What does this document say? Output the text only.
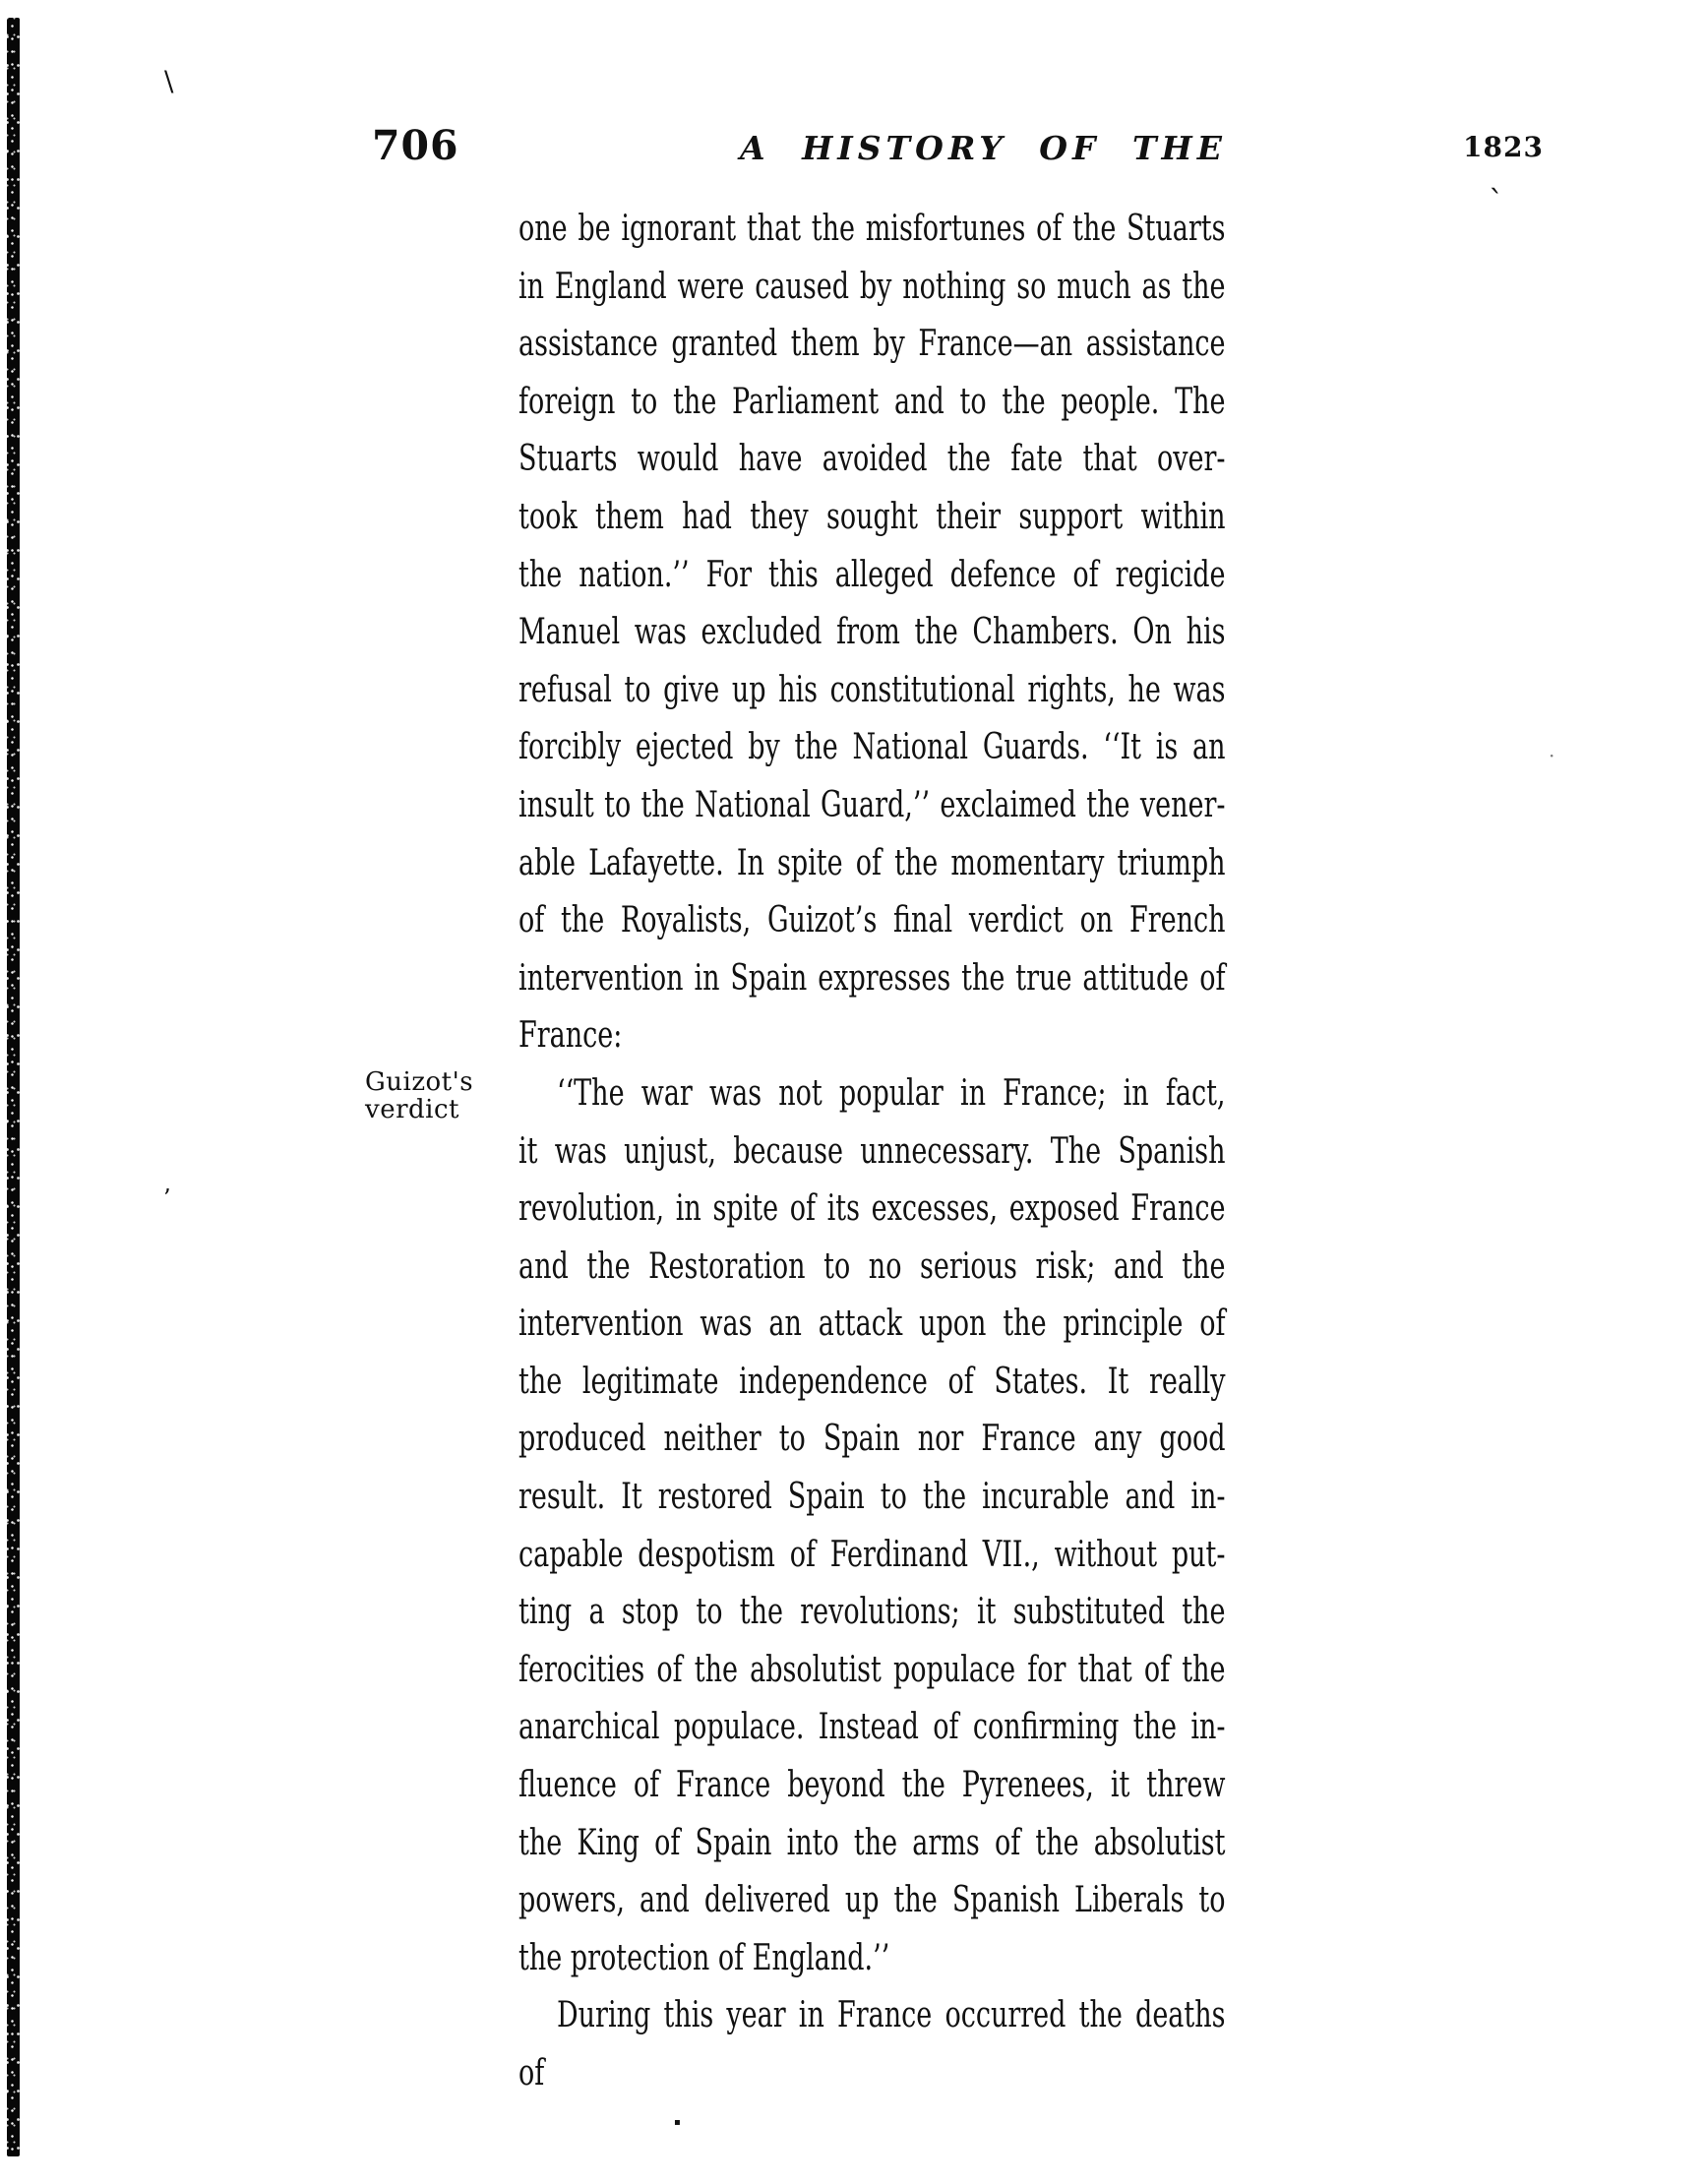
706	A HISTORY OF THE	1823
Guizot's
verdict
one be ignorant that the misfortunes of the Stuarts
in England were caused by nothing so much as the
assistance granted them by France—an assistance
foreign to the Parliament and to the people. The
Stuarts would have avoided the fate that over-
took them had they sought their support within
the nation.’’ For this alleged defence of regicide
Manuel was excluded from the Chambers. On his
refusal to give up his constitutional rights, he was
forcibly ejected by the National Guards. ‘‘It is an
insult to the National Guard,’’ exclaimed the vener-
able Lafayette. In spite of the momentary triumph
of the Royalists, Guizot’s final verdict on French
intervention in Spain expresses the true attitude of
France:
‘‘The war was not popular in France; in fact,
it was unjust, because unnecessary. The Spanish
revolution, in spite of its excesses, exposed France
and the Restoration to no serious risk; and the
intervention was an attack upon the principle of
the legitimate independence of States. It really
produced neither to Spain nor France any good
result. It restored Spain to the incurable and in-
capable despotism of Ferdinand VII., without put-
ting a stop to the revolutions; it substituted the
ferocities of the absolutist populace for that of the
anarchical populace. Instead of confirming the in-
fluence of France beyond the Pyrenees, it threw
the King of Spain into the arms of the absolutist
powers, and delivered up the Spanish Liberals to
the protection of England.’’
During this year in France occurred the deaths of
\
`
’
·
▪
